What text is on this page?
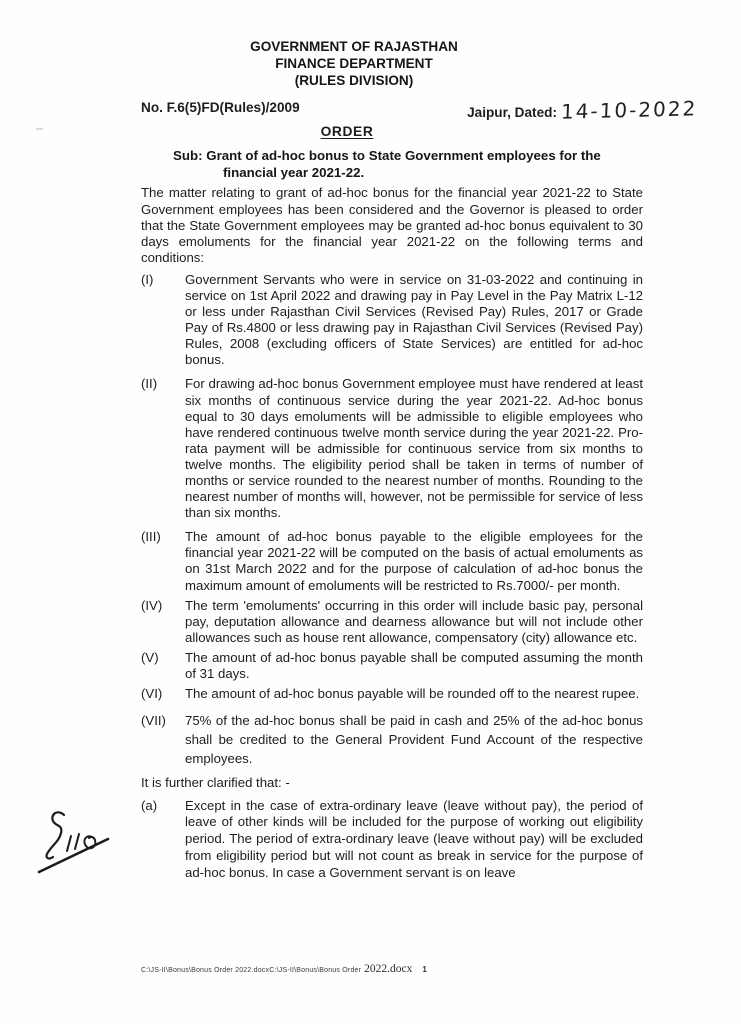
GOVERNMENT OF RAJASTHAN
FINANCE DEPARTMENT
(RULES DIVISION)
No. F.6(5)FD(Rules)/2009	Jaipur, Dated: 14-10-2022
ORDER
Sub: Grant of ad-hoc bonus to State Government employees for the financial year 2021-22.

The matter relating to grant of ad-hoc bonus for the financial year 2021-22 to State Government employees has been considered and the Governor is pleased to order that the State Government employees may be granted ad-hoc bonus equivalent to 30 days emoluments for the financial year 2021-22 on the following terms and conditions:

(I)	Government Servants who were in service on 31-03-2022 and continuing in service on 1st April 2022 and drawing pay in Pay Level in the Pay Matrix L-12 or less under Rajasthan Civil Services (Revised Pay) Rules, 2017 or Grade Pay of Rs.4800 or less drawing pay in Rajasthan Civil Services (Revised Pay) Rules, 2008 (excluding officers of State Services) are entitled for ad-hoc bonus.
(II)	For drawing ad-hoc bonus Government employee must have rendered at least six months of continuous service during the year 2021-22. Ad-hoc bonus equal to 30 days emoluments will be admissible to eligible employees who have rendered continuous twelve month service during the year 2021-22. Pro-rata payment will be admissible for continuous service from six months to twelve months. The eligibility period shall be taken in terms of number of months or service rounded to the nearest number of months. Rounding to the nearest number of months will, however, not be permissible for service of less than six months.
(III)	The amount of ad-hoc bonus payable to the eligible employees for the financial year 2021-22 will be computed on the basis of actual emoluments as on 31st March 2022 and for the purpose of calculation of ad-hoc bonus the maximum amount of emoluments will be restricted to Rs.7000/- per month.
(IV)	The term 'emoluments' occurring in this order will include basic pay, personal pay, deputation allowance and dearness allowance but will not include other allowances such as house rent allowance, compensatory (city) allowance etc.
(V)	The amount of ad-hoc bonus payable shall be computed assuming the month of 31 days.
(VI)	The amount of ad-hoc bonus payable will be rounded off to the nearest rupee.
(VII)	75% of the ad-hoc bonus shall be paid in cash and 25% of the ad-hoc bonus shall be credited to the General Provident Fund Account of the respective employees.
It is further clarified that: -
(a)	Except in the case of extra-ordinary leave (leave without pay), the period of leave of other kinds will be included for the purpose of working out eligibility period. The period of extra-ordinary leave (leave without pay) will be excluded from eligibility period but will not count as break in service for the purpose of ad-hoc bonus. In case a Government servant is on leave
C:\JS-II\Bonus\Bonus Order 2022.docxC:\JS-II\Bonus\Bonus Order 2022.docx 1
